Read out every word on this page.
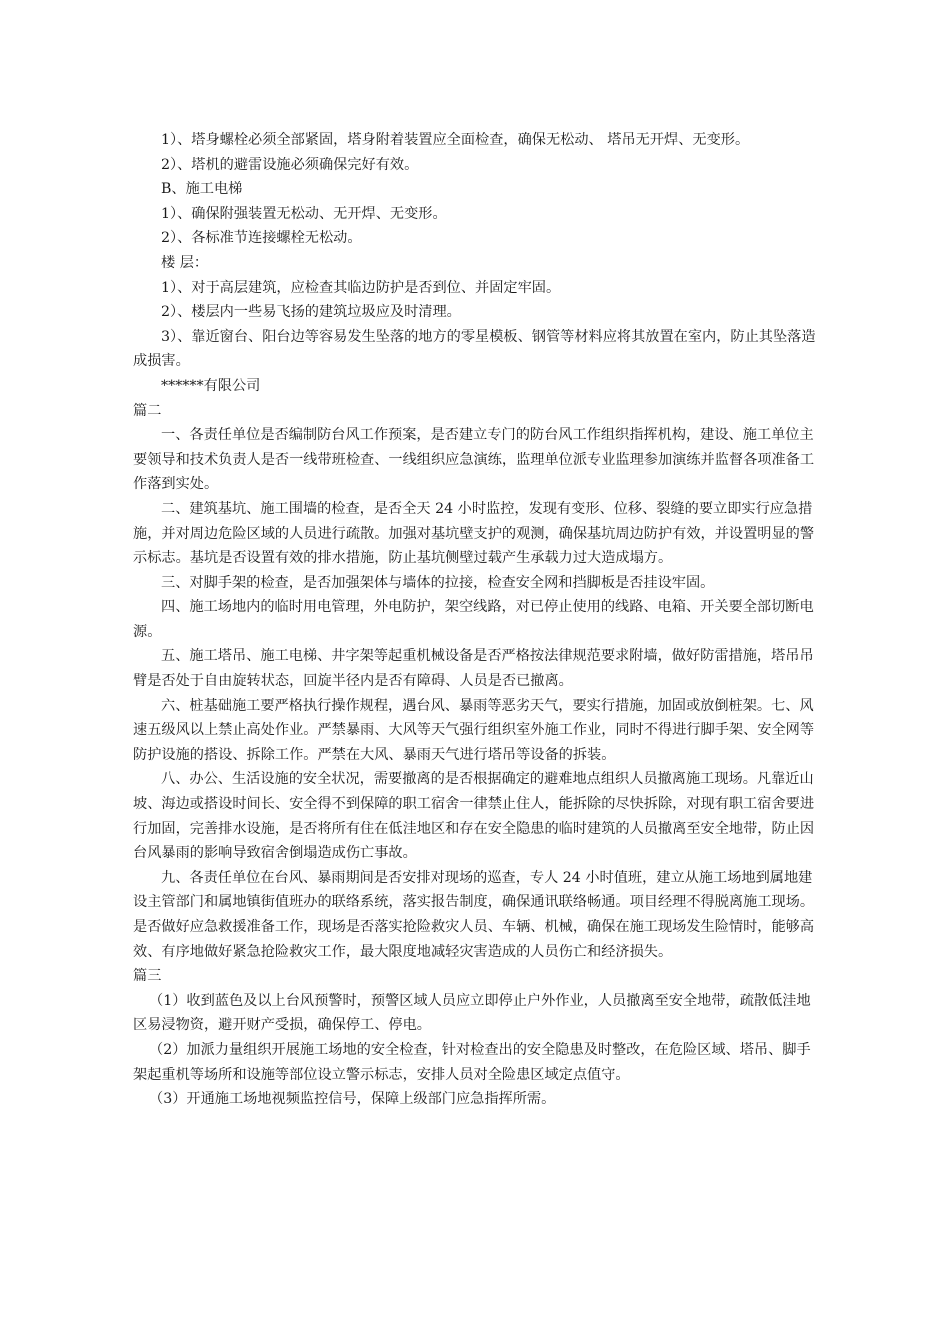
1）、塔身螺栓必须全部紧固，塔身附着装置应全面检查，确保无松动、 塔吊无开焊、无变形。

2）、塔机的避雷设施必须确保完好有效。

B、施工电梯

1）、确保附强装置无松动、无开焊、无变形。

2）、各标准节连接螺栓无松动。

楼 层：

1）、对于高层建筑，应检查其临边防护是否到位、并固定牢固。

2）、楼层内一些易飞扬的建筑垃圾应及时清理。

3）、靠近窗台、阳台边等容易发生坠落的地方的零星模板、钢管等材料应将其放置在室内，防止其坠落造成损害。

******有限公司

篇二

一、各责任单位是否编制防台风工作预案，是否建立专门的防台风工作组织指挥机构，建设、施工单位主要领导和技术负责人是否一线带班检查、一线组织应急演练，监理单位派专业监理参加演练并监督各项准备工作落到实处。

二、建筑基坑、施工围墙的检查，是否全天 24 小时监控，发现有变形、位移、裂缝的要立即实行应急措施，并对周边危险区域的人员进行疏散。加强对基坑壁支护的观测，确保基坑周边防护有效，并设置明显的警示标志。基坑是否设置有效的排水措施，防止基坑侧壁过载产生承载力过大造成塌方。

三、对脚手架的检查，是否加强架体与墙体的拉接，检查安全网和挡脚板是否挂设牢固。

四、施工场地内的临时用电管理，外电防护，架空线路，对已停止使用的线路、电箱、开关要全部切断电源。

五、施工塔吊、施工电梯、井字架等起重机械设备是否严格按法律规范要求附墙，做好防雷措施，塔吊吊臂是否处于自由旋转状态，回旋半径内是否有障碍、人员是否已撤离。

六、桩基础施工要严格执行操作规程，遇台风、暴雨等恶劣天气，要实行措施，加固或放倒桩架。七、风速五级风以上禁止高处作业。严禁暴雨、大风等天气强行组织室外施工作业，同时不得进行脚手架、安全网等防护设施的搭设、拆除工作。严禁在大风、暴雨天气进行塔吊等设备的拆装。

八、办公、生活设施的安全状况，需要撤离的是否根据确定的避难地点组织人员撤离施工现场。凡靠近山坡、海边或搭设时间长、安全得不到保障的职工宿舍一律禁止住人，能拆除的尽快拆除，对现有职工宿舍要进行加固，完善排水设施，是否将所有住在低洼地区和存在安全隐患的临时建筑的人员撤离至安全地带，防止因台风暴雨的影响导致宿舍倒塌造成伤亡事故。

九、各责任单位在台风、暴雨期间是否安排对现场的巡查，专人 24 小时值班，建立从施工场地到属地建设主管部门和属地镇街值班办的联络系统，落实报告制度，确保通讯联络畅通。项目经理不得脱离施工现场。是否做好应急救援准备工作，现场是否落实抢险救灾人员、车辆、机械，确保在施工现场发生险情时，能够高效、有序地做好紧急抢险救灾工作，最大限度地减轻灾害造成的人员伤亡和经济损失。

篇三

（1）收到蓝色及以上台风预警时，预警区域人员应立即停止户外作业，人员撤离至安全地带，疏散低洼地区易浸物资，避开财产受损，确保停工、停电。

（2）加派力量组织开展施工场地的安全检查，针对检查出的安全隐患及时整改，在危险区域、塔吊、脚手架起重机等场所和设施等部位设立警示标志，安排人员对全险患区域定点值守。

（3）开通施工场地视频监控信号，保障上级部门应急指挥所需。
